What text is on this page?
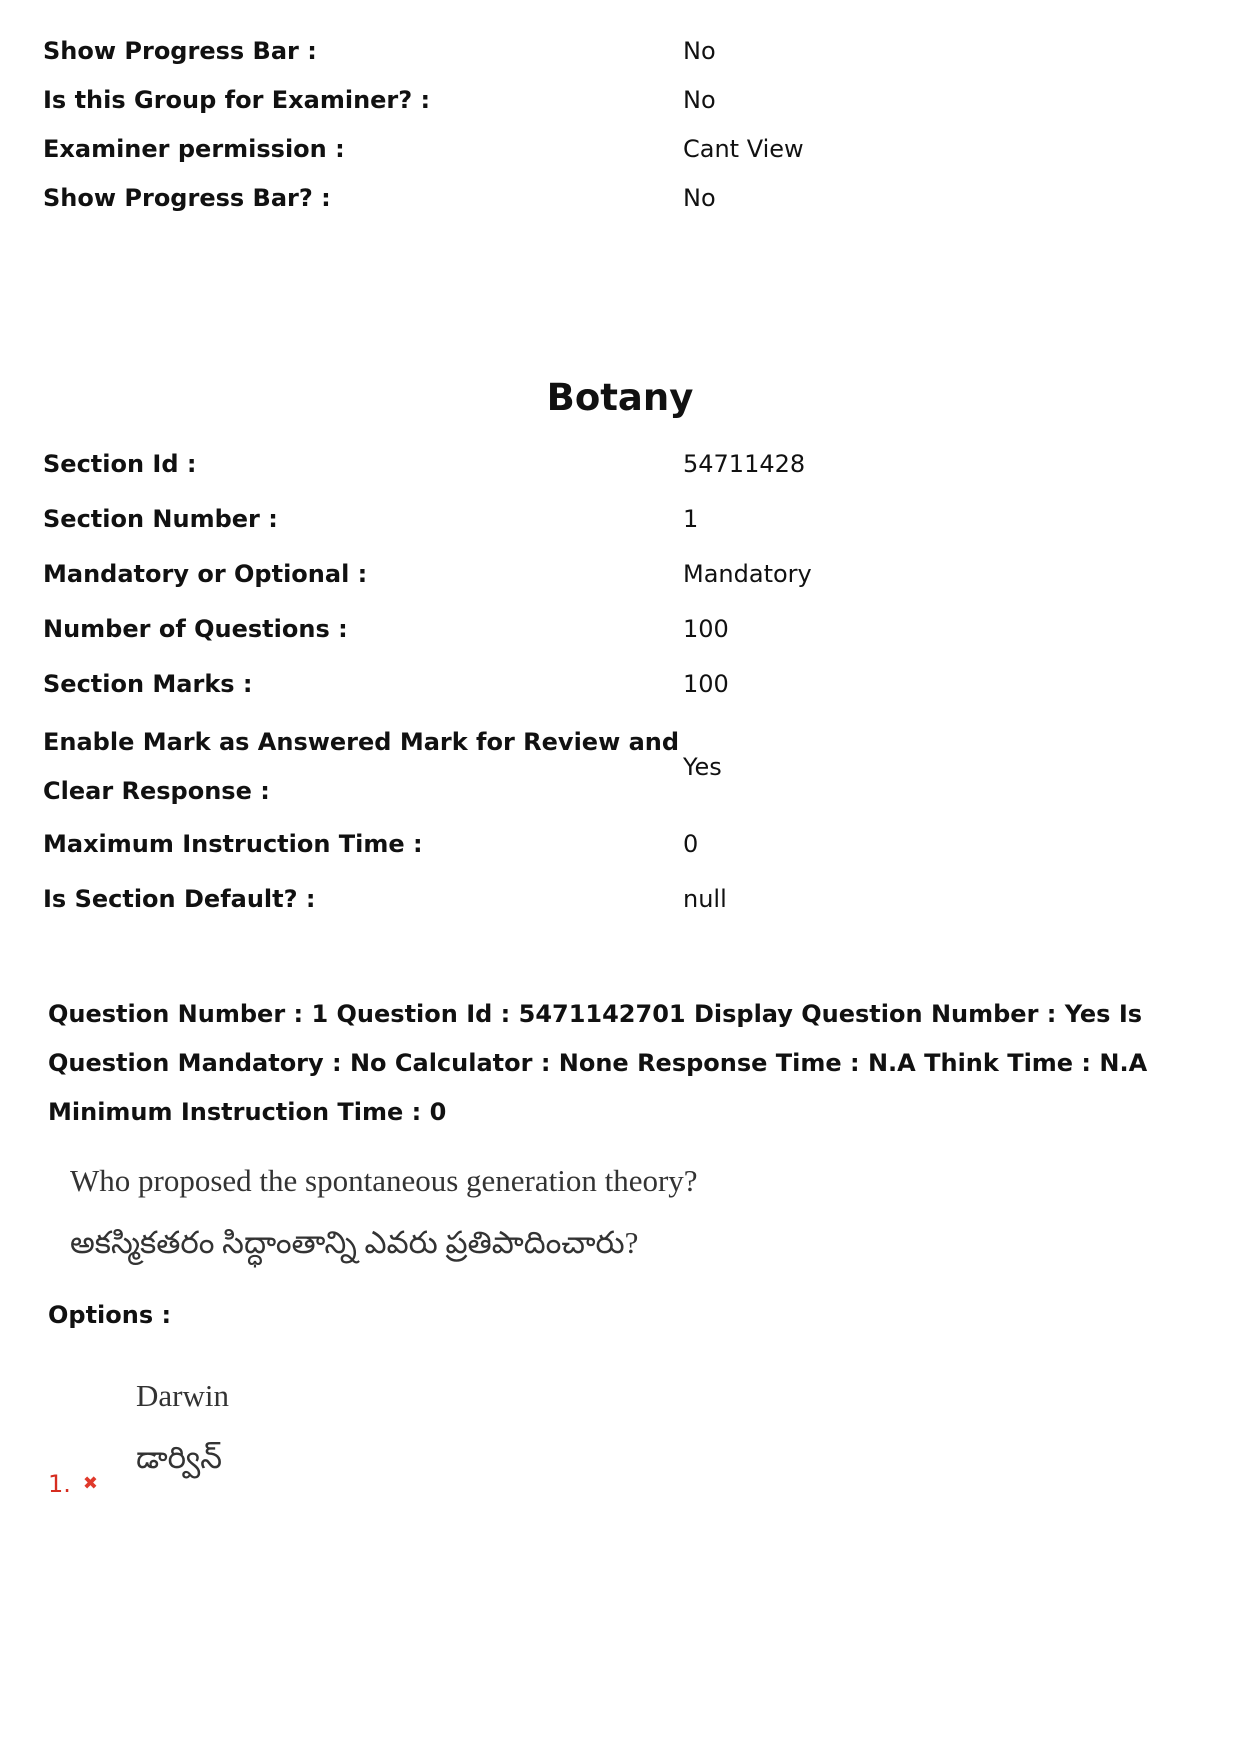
Show Progress Bar :	No
Is this Group for Examiner? :	No
Examiner permission :	Cant View
Show Progress Bar? :	No
Botany
Section Id :	54711428
Section Number :	1
Mandatory or Optional :	Mandatory
Number of Questions :	100
Section Marks :	100
Enable Mark as Answered Mark for Review and
Clear Response :
Yes
Maximum Instruction Time :	0
Is Section Default? :	null
Question Number : 1 Question Id : 5471142701 Display Question Number : Yes Is Question Mandatory : No Calculator : None Response Time : N.A Think Time : N.A Minimum Instruction Time : 0
Who proposed the spontaneous generation theory?
అకస్మికతరం సిద్ధాంతాన్ని ఎవరు ప్రతిపాదించారు?
Options :
Darwin
డార్విన్
1. ✖
